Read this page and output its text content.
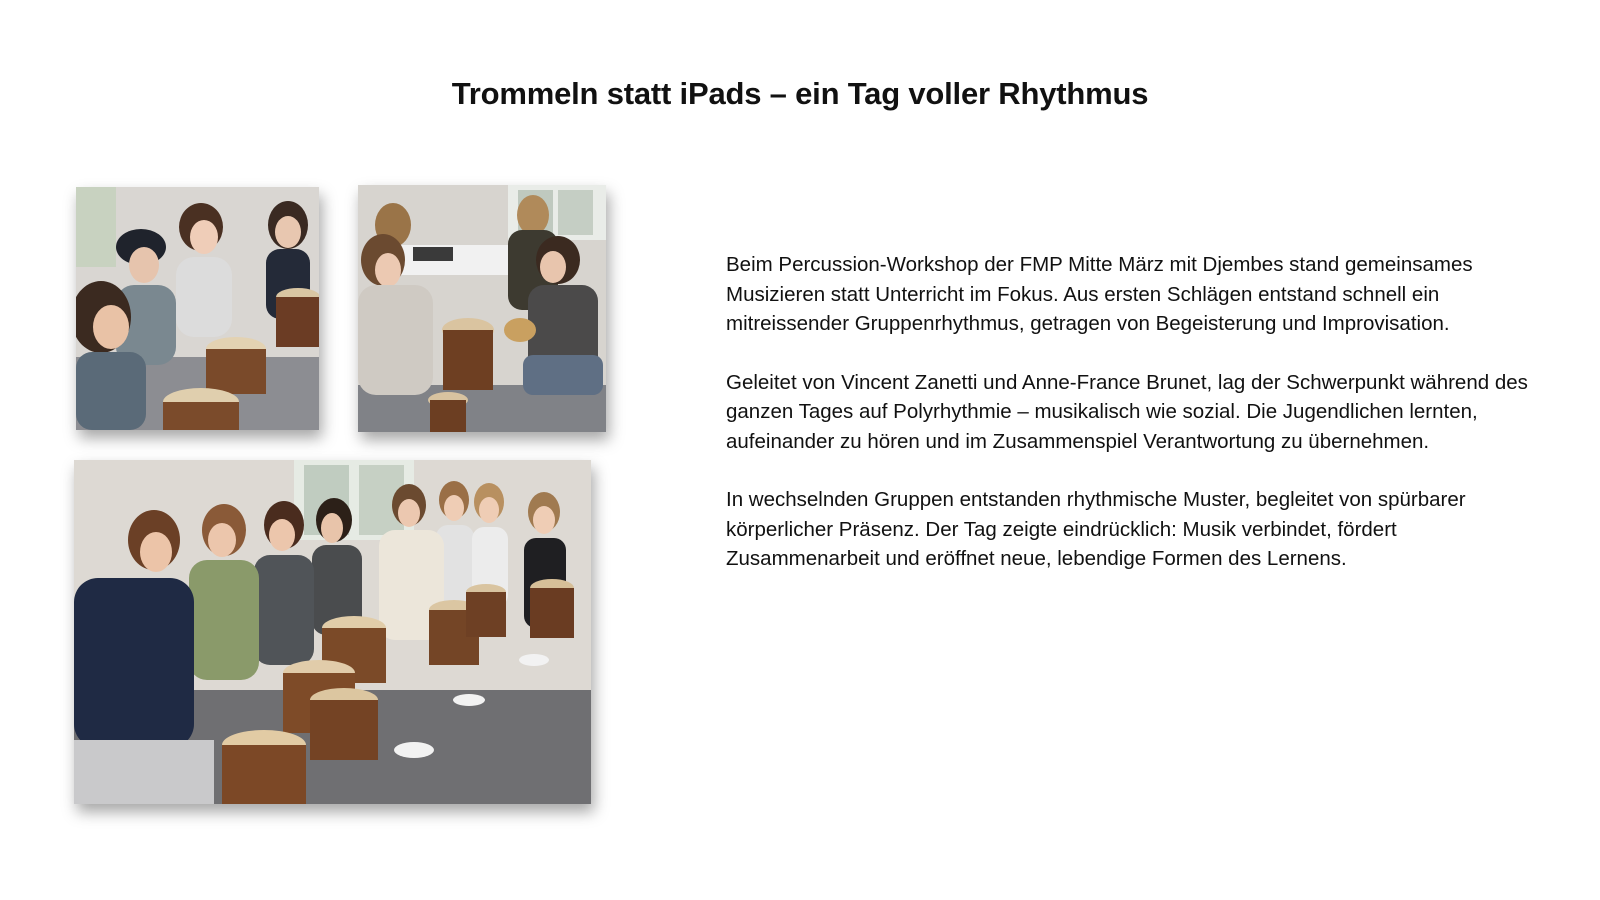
Trommeln statt iPads – ein Tag voller Rhythmus

Beim Percussion-Workshop der FMP Mitte März mit Djembes stand gemeinsames Musizieren statt Unterricht im Fokus. Aus ersten Schlägen entstand schnell ein mitreissender Gruppenrhythmus, getragen von Begeisterung und Improvisation.

Geleitet von Vincent Zanetti und Anne-France Brunet, lag der Schwerpunkt während des ganzen Tages auf Polyrhythmie – musikalisch wie sozial. Die Jugendlichen lernten, aufeinander zu hören und im Zusammenspiel Verantwortung zu übernehmen.

In wechselnden Gruppen entstanden rhythmische Muster, begleitet von spürbarer körperlicher Präsenz. Der Tag zeigte eindrücklich: Musik verbindet, fördert Zusammenarbeit und eröffnet neue, lebendige Formen des Lernens.
